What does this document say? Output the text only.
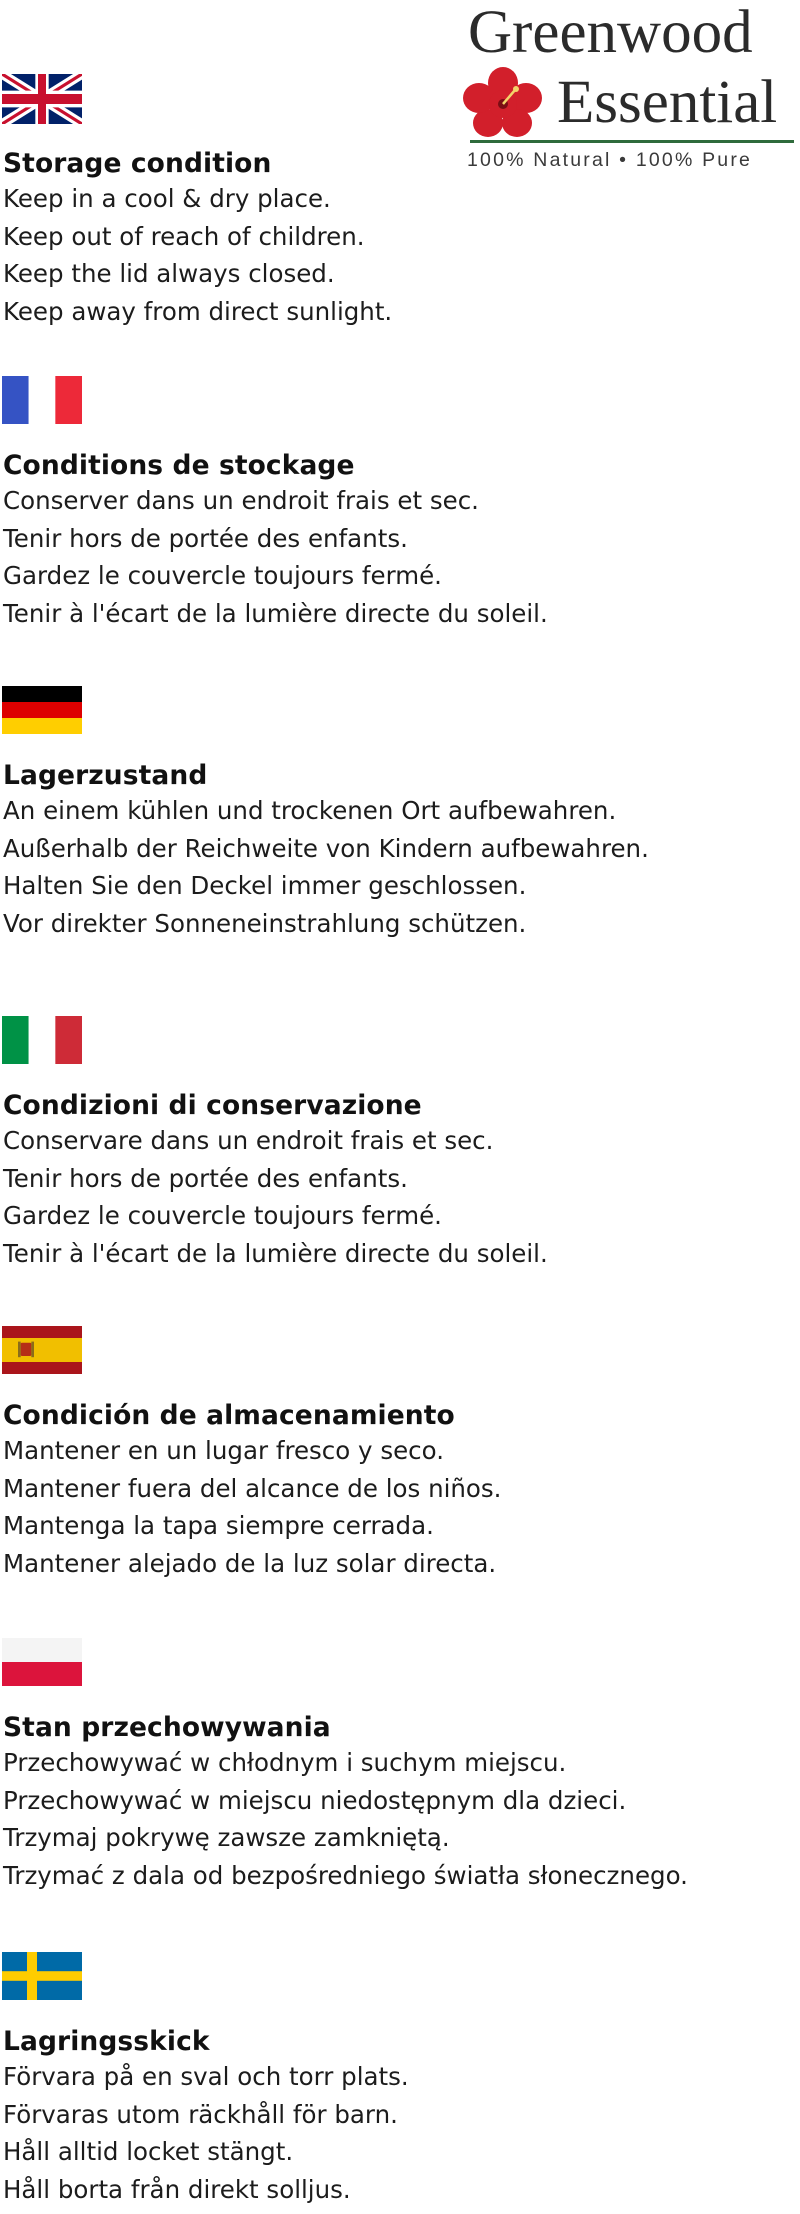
Greenwood
Essential
100% Natural • 100% Pure
Storage condition
Keep in a cool & dry place.
Keep out of reach of children.
Keep the lid always closed.
Keep away from direct sunlight.
Conditions de stockage
Conserver dans un endroit frais et sec.
Tenir hors de portée des enfants.
Gardez le couvercle toujours fermé.
Tenir à l'écart de la lumière directe du soleil.
Lagerzustand
An einem kühlen und trockenen Ort aufbewahren.
Außerhalb der Reichweite von Kindern aufbewahren.
Halten Sie den Deckel immer geschlossen.
Vor direkter Sonneneinstrahlung schützen.
Condizioni di conservazione
Conservare dans un endroit frais et sec.
Tenir hors de portée des enfants.
Gardez le couvercle toujours fermé.
Tenir à l'écart de la lumière directe du soleil.
Condición de almacenamiento
Mantener en un lugar fresco y seco.
Mantener fuera del alcance de los niños.
Mantenga la tapa siempre cerrada.
Mantener alejado de la luz solar directa.
Stan przechowywania
Przechowywać w chłodnym i suchym miejscu.
Przechowywać w miejscu niedostępnym dla dzieci.
Trzymaj pokrywę zawsze zamkniętą.
Trzymać z dala od bezpośredniego światła słonecznego.
Lagringsskick
Förvara på en sval och torr plats.
Förvaras utom räckhåll för barn.
Håll alltid locket stängt.
Håll borta från direkt solljus.
